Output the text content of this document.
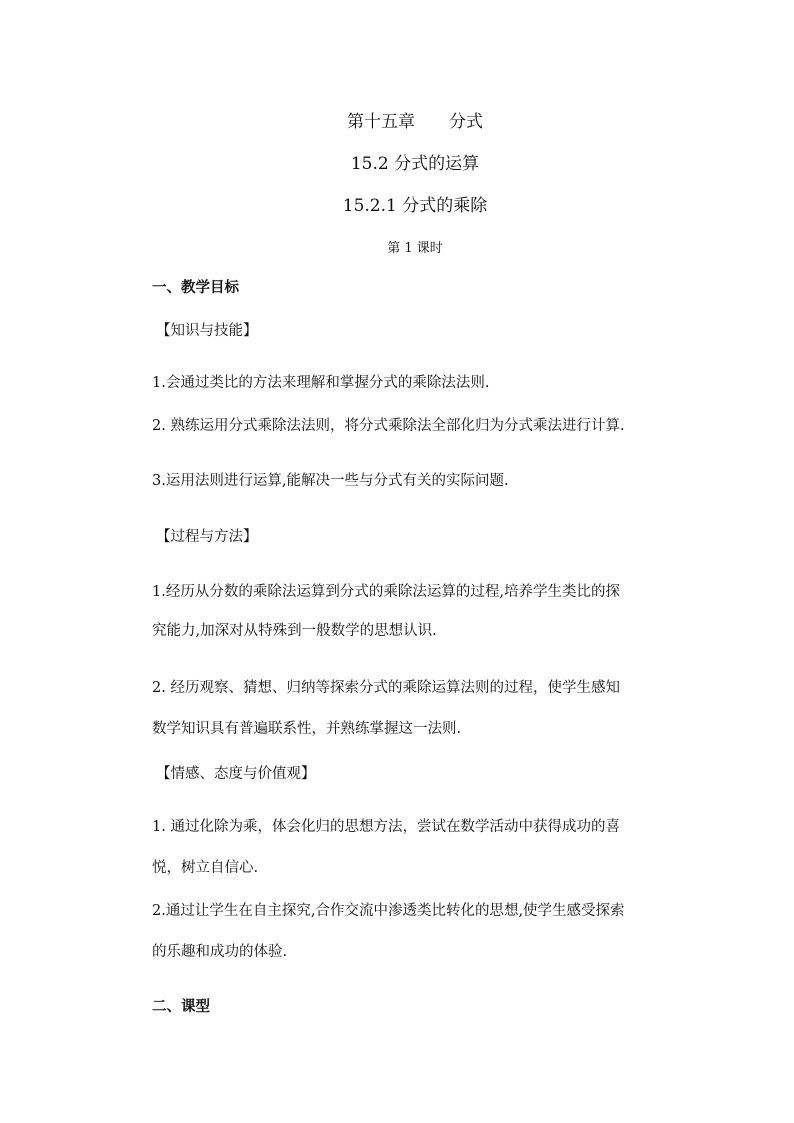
第十五章 分式
15.2 分式的运算
15.2.1 分式的乘除
第 1 课时
一、教学目标
【知识与技能】
1.会通过类比的方法来理解和掌握分式的乘除法法则.
2. 熟练运用分式乘除法法则，将分式乘除法全部化归为分式乘法进行计算.
3.运用法则进行运算,能解决一些与分式有关的实际问题.
【过程与方法】
1.经历从分数的乘除法运算到分式的乘除法运算的过程,培养学生类比的探
究能力,加深对从特殊到一般数学的思想认识.
2. 经历观察、猜想、归纳等探索分式的乘除运算法则的过程，使学生感知
数学知识具有普遍联系性，并熟练掌握这一法则.
【情感、态度与价值观】
1. 通过化除为乘，体会化归的思想方法，尝试在数学活动中获得成功的喜
悦，树立自信心.
2.通过让学生在自主探究,合作交流中渗透类比转化的思想,使学生感受探索
的乐趣和成功的体验.
二、课型
